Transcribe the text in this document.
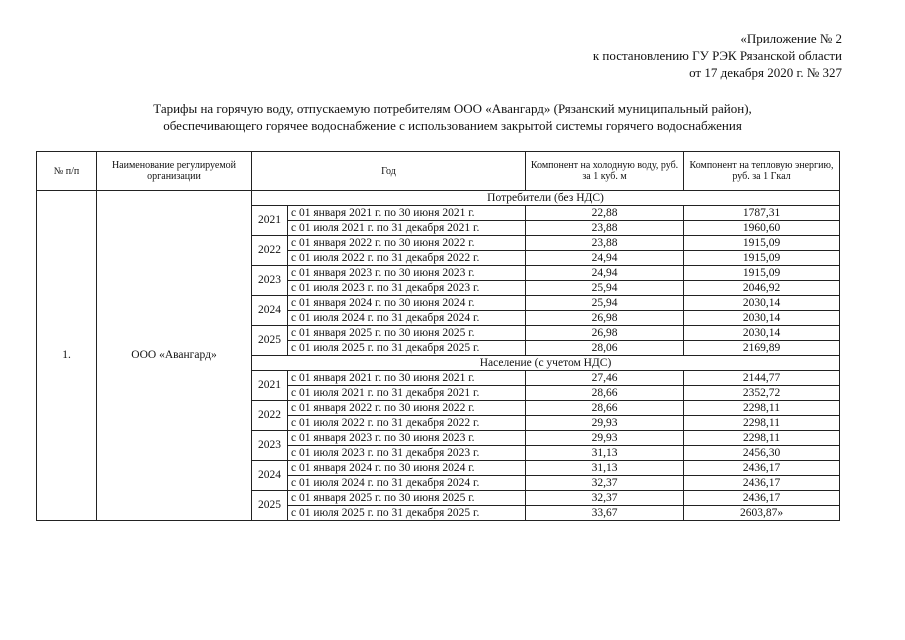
«Приложение № 2
к постановлению ГУ РЭК Рязанской области
от 17 декабря 2020 г. № 327
Тарифы на горячую воду, отпускаемую потребителям ООО «Авангард» (Рязанский муниципальный район),
обеспечивающего горячее водоснабжение с использованием закрытой системы горячего водоснабжения
№ п/п	Наименование регулируемой организации	Год		Компонент на холодную воду, руб. за 1 куб. м	Компонент на тепловую энергию, руб. за 1 Гкал
1.	ООО «Авангард»	Потребители (без НДС)			
		2021	с 01 января 2021 г. по 30 июня 2021 г.	22,88	1787,31
			с 01 июля 2021 г. по 31 декабря 2021 г.	23,88	1960,60
		2022	с 01 января 2022 г. по 30 июня 2022 г.	23,88	1915,09
			с 01 июля 2022 г. по 31 декабря 2022 г.	24,94	1915,09
		2023	с 01 января 2023 г. по 30 июня 2023 г.	24,94	1915,09
			с 01 июля 2023 г. по 31 декабря 2023 г.	25,94	2046,92
		2024	с 01 января 2024 г. по 30 июня 2024 г.	25,94	2030,14
			с 01 июля 2024 г. по 31 декабря 2024 г.	26,98	2030,14
		2025	с 01 января 2025 г. по 30 июня 2025 г.	26,98	2030,14
			с 01 июля 2025 г. по 31 декабря 2025 г.	28,06	2169,89
		Население (с учетом НДС)			
		2021	с 01 января 2021 г. по 30 июня 2021 г.	27,46	2144,77
			с 01 июля 2021 г. по 31 декабря 2021 г.	28,66	2352,72
		2022	с 01 января 2022 г. по 30 июня 2022 г.	28,66	2298,11
			с 01 июля 2022 г. по 31 декабря 2022 г.	29,93	2298,11
		2023	с 01 января 2023 г. по 30 июня 2023 г.	29,93	2298,11
			с 01 июля 2023 г. по 31 декабря 2023 г.	31,13	2456,30
		2024	с 01 января 2024 г. по 30 июня 2024 г.	31,13	2436,17
			с 01 июля 2024 г. по 31 декабря 2024 г.	32,37	2436,17
		2025	с 01 января 2025 г. по 30 июня 2025 г.	32,37	2436,17
			с 01 июля 2025 г. по 31 декабря 2025 г.	33,67	2603,87»
